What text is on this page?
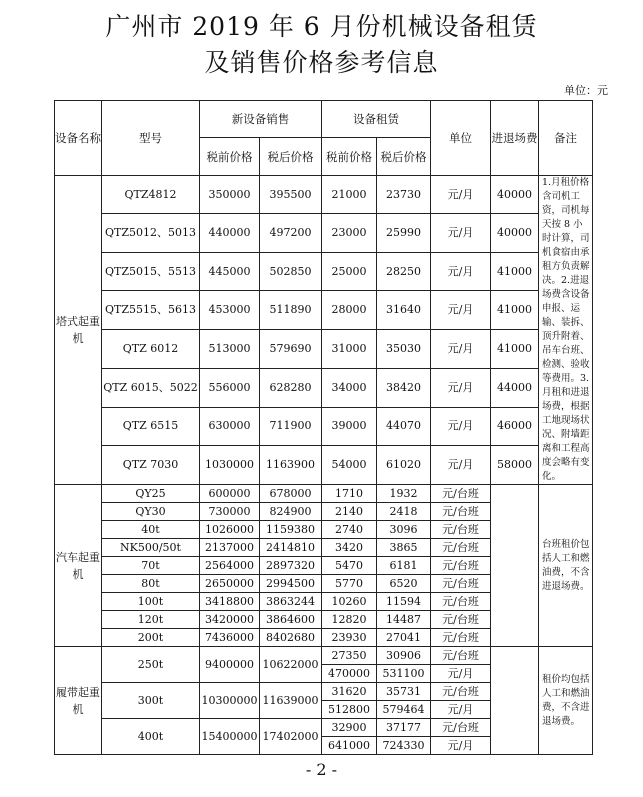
广州市 2019 年 6 月份机械设备租赁
及销售价格参考信息
单位：元
设备名称	型号	新设备销售		设备租赁		单位	进退场费	备注
		税前价格	税后价格	税前价格	税后价格			
塔式起重机	QTZ4812	350000	395500	21000	23730	元/月	40000	1.月租价格含司机工资，司机每天按 8 小时计算，司机食宿由承租方负责解决。2.进退场费含设备申报、运输、装拆、顶升附着、吊车台班、检测、验收等费用。3.月租和进退场费，根据工地现场状况、附墙距离和工程高度会略有变化。
	QTZ5012、5013	440000	497200	23000	25990	元/月	40000	
	QTZ5015、5513	445000	502850	25000	28250	元/月	41000	
	QTZ5515、5613	453000	511890	28000	31640	元/月	41000	
	QTZ 6012	513000	579690	31000	35030	元/月	41000	
	QTZ 6015、5022	556000	628280	34000	38420	元/月	44000	
	QTZ 6515	630000	711900	39000	44070	元/月	46000	
	QTZ 7030	1030000	1163900	54000	61020	元/月	58000	
汽车起重机	QY25	600000	678000	1710	1932	元/台班		台班租价包括人工和燃油费，不含进退场费。
	QY30	730000	824900	2140	2418	元/台班		
	40t	1026000	1159380	2740	3096	元/台班		
	NK500/50t	2137000	2414810	3420	3865	元/台班		
	70t	2564000	2897320	5470	6181	元/台班		
	80t	2650000	2994500	5770	6520	元/台班		
	100t	3418800	3863244	10260	11594	元/台班		
	120t	3420000	3864600	12820	14487	元/台班		
	200t	7436000	8402680	23930	27041	元/台班		
履带起重机	250t	9400000	10622000	27350	30906	元/台班		租价均包括人工和燃油费，不含进退场费。
				470000	531100	元/月		
	300t	10300000	11639000	31620	35731	元/台班		
				512800	579464	元/月		
	400t	15400000	17402000	32900	37177	元/台班		
				641000	724330	元/月		
- 2 -
